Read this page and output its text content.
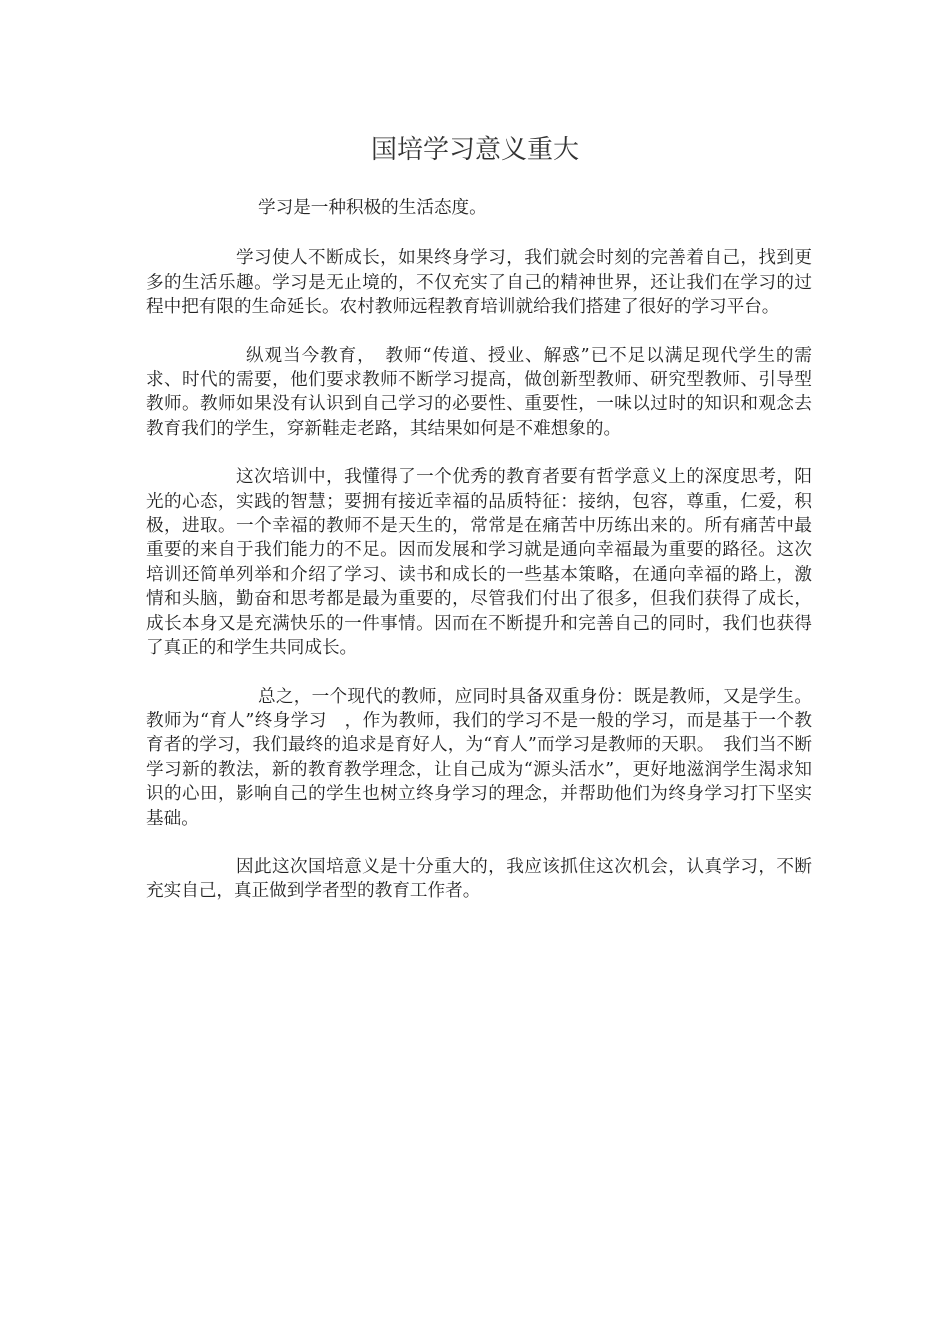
国培学习意义重大

学习是一种积极的生活态度。

学习使人不断成长，如果终身学习，我们就会时刻的完善着自己，找到更多的生活乐趣。学习是无止境的，不仅充实了自己的精神世界，还让我们在学习的过程中把有限的生命延长。农村教师远程教育培训就给我们搭建了很好的学习平台。

纵观当今教育，　教师“传道、授业、解惑”已不足以满足现代学生的需求、时代的需要，他们要求教师不断学习提高，做创新型教师、研究型教师、引导型教师。教师如果没有认识到自己学习的必要性、重要性，一味以过时的知识和观念去教育我们的学生，穿新鞋走老路，其结果如何是不难想象的。

这次培训中，我懂得了一个优秀的教育者要有哲学意义上的深度思考，阳光的心态，实践的智慧；要拥有接近幸福的品质特征：接纳，包容，尊重，仁爱，积极，进取。一个幸福的教师不是天生的，常常是在痛苦中历练出来的。所有痛苦中最重要的来自于我们能力的不足。因而发展和学习就是通向幸福最为重要的路径。这次培训还简单列举和介绍了学习、读书和成长的一些基本策略，在通向幸福的路上，激情和头脑，勤奋和思考都是最为重要的，尽管我们付出了很多，但我们获得了成长，成长本身又是充满快乐的一件事情。因而在不断提升和完善自己的同时，我们也获得了真正的和学生共同成长。

总之，一个现代的教师，应同时具备双重身份：既是教师，又是学生。教师为“育人”终身学习　，作为教师，我们的学习不是一般的学习，而是基于一个教育者的学习，我们最终的追求是育好人，为“育人”而学习是教师的天职。　我们当不断学习新的教法，新的教育教学理念，让自己成为“源头活水”，更好地滋润学生渴求知识的心田，影响自己的学生也树立终身学习的理念，并帮助他们为终身学习打下坚实基础。

因此这次国培意义是十分重大的，我应该抓住这次机会，认真学习，不断充实自己，真正做到学者型的教育工作者。
